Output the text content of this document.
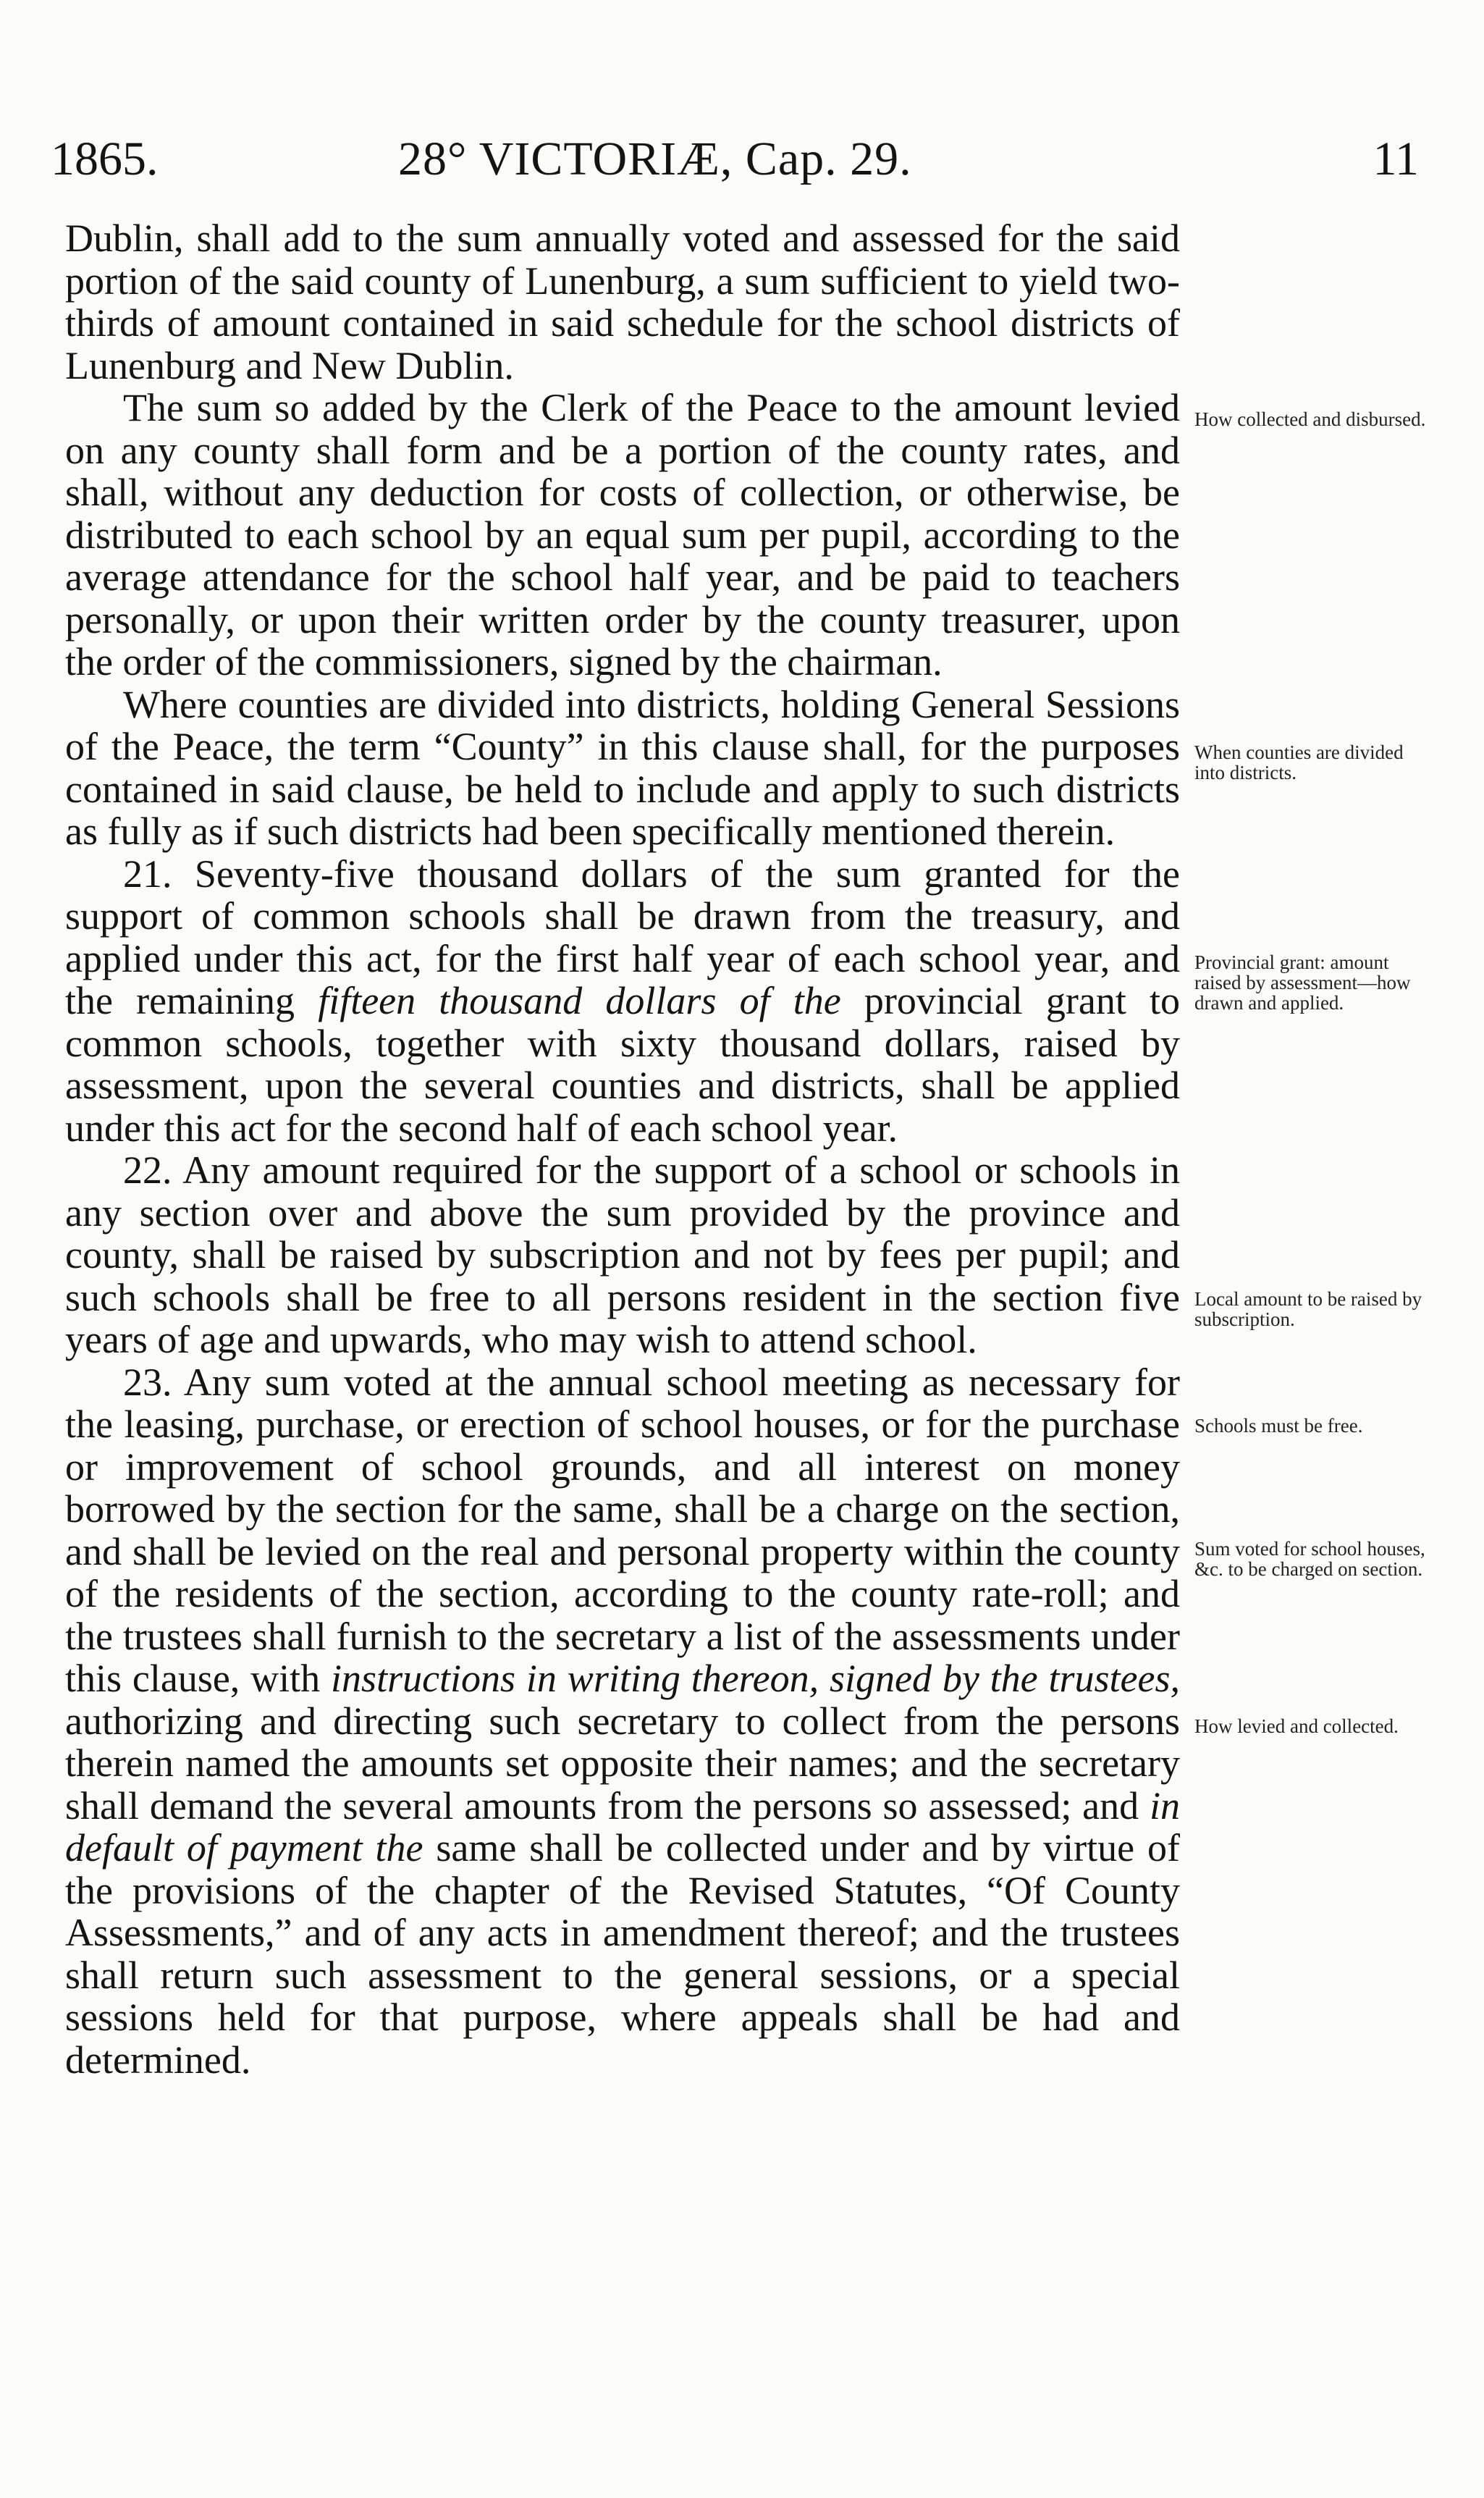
1865.	28° VICTORIÆ, Cap. 29.	11

Dublin, shall add to the sum annually voted and assessed for the said portion of the said county of Lunenburg, a sum sufficient to yield two-thirds of amount contained in said schedule for the school districts of Lunenburg and New Dublin.

The sum so added by the Clerk of the Peace to the amount levied on any county shall form and be a portion of the county rates, and shall, without any deduction for costs of collection, or otherwise, be distributed to each school by an equal sum per pupil, according to the average attendance for the school half year, and be paid to teachers personally, or upon their written order by the county treasurer, upon the order of the commissioners, signed by the chairman.

Where counties are divided into districts, holding General Sessions of the Peace, the term “County” in this clause shall, for the purposes contained in said clause, be held to include and apply to such districts as fully as if such districts had been specifically mentioned therein.

21. Seventy-five thousand dollars of the sum granted for the support of common schools shall be drawn from the treasury, and applied under this act, for the first half year of each school year, and the remaining fifteen thousand dollars of the provincial grant to common schools, together with sixty thousand dollars, raised by assessment, upon the several counties and districts, shall be applied under this act for the second half of each school year.

22. Any amount required for the support of a school or schools in any section over and above the sum provided by the province and county, shall be raised by subscription and not by fees per pupil; and such schools shall be free to all persons resident in the section five years of age and upwards, who may wish to attend school.

23. Any sum voted at the annual school meeting as necessary for the leasing, purchase, or erection of school houses, or for the purchase or improvement of school grounds, and all interest on money borrowed by the section for the same, shall be a charge on the section, and shall be levied on the real and personal property within the county of the residents of the section, according to the county rate-roll; and the trustees shall furnish to the secretary a list of the assessments under this clause, with instructions in writing thereon, signed by the trustees, authorizing and directing such secretary to collect from the persons therein named the amounts set opposite their names; and the secretary shall demand the several amounts from the persons so assessed; and in default of payment the same shall be collected under and by virtue of the provisions of the chapter of the Revised Statutes, “Of County Assessments,” and of any acts in amendment thereof; and the trustees shall return such assessment to the general sessions, or a special sessions held for that purpose, where appeals shall be had and determined.

How collected and disbursed.
When counties are divided into districts.
Provincial grant: amount raised by assessment—how drawn and applied.
Local amount to be raised by subscription.
Schools must be free.
Sum voted for school houses, &c. to be charged on section.
How levied and collected.
